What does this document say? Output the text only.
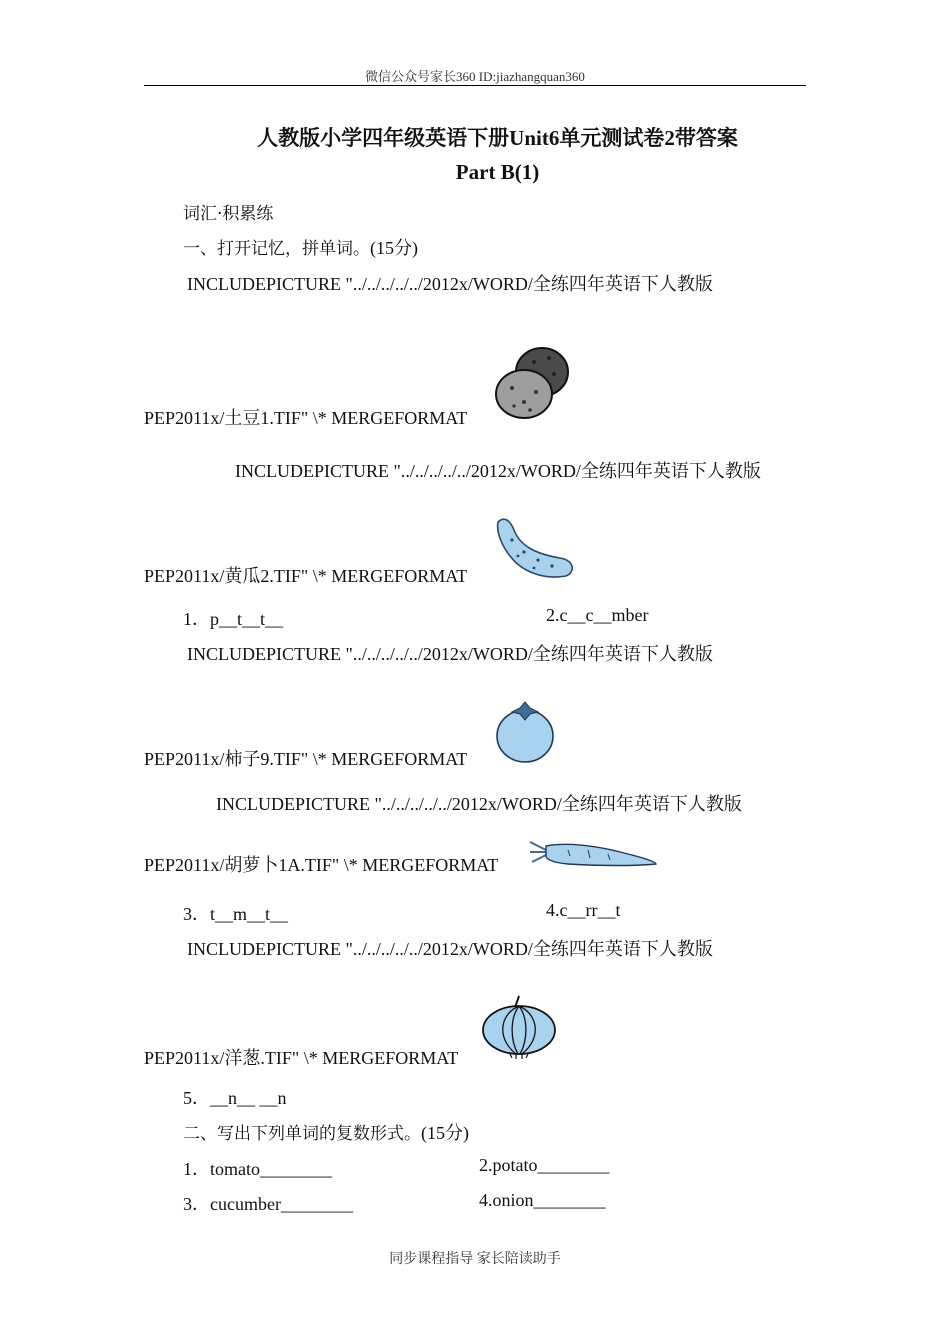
微信公众号家长360 ID:jiazhangquan360
人教版小学四年级英语下册Unit6单元测试卷2带答案
Part B(1)
词汇·积累练
一、打开记忆，拼单词。(15分)
INCLUDEPICTURE "../../../../../2012x/WORD/全练四年英语下人教版
PEP2011x/土豆1.TIF" \* MERGEFORMAT
INCLUDEPICTURE "../../../../../2012x/WORD/全练四年英语下人教版
PEP2011x/黄瓜2.TIF" \* MERGEFORMAT
1．p__t__t__	2.c__c__mber
INCLUDEPICTURE "../../../../../2012x/WORD/全练四年英语下人教版
PEP2011x/柿子9.TIF" \* MERGEFORMAT
INCLUDEPICTURE "../../../../../2012x/WORD/全练四年英语下人教版
PEP2011x/胡萝卜1A.TIF" \* MERGEFORMAT
3．t__m__t__	4.c__rr__t
INCLUDEPICTURE "../../../../../2012x/WORD/全练四年英语下人教版
PEP2011x/洋葱.TIF" \* MERGEFORMAT
5．__n__ __n
二、写出下列单词的复数形式。(15分)
1．tomato________	2.potato________
3．cucumber________	4.onion________
同步课程指导 家长陪读助手
